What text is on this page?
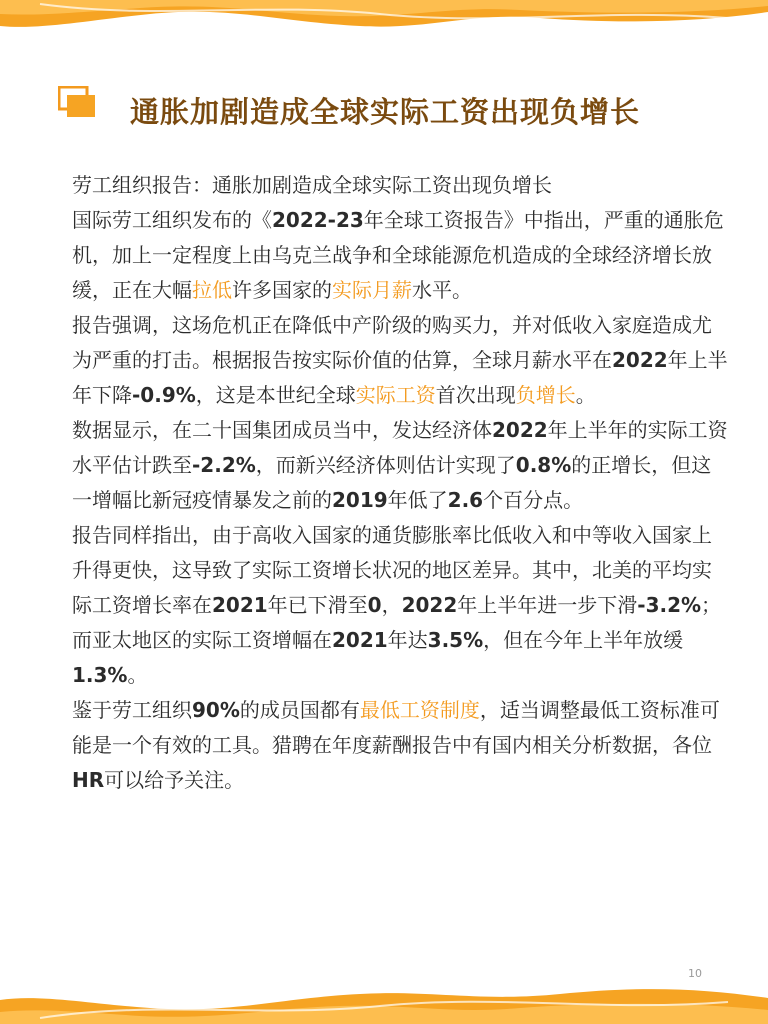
通胀加剧造成全球实际工资出现负增长

劳工组织报告：通胀加剧造成全球实际工资出现负增长

国际劳工组织发布的《2022-23年全球工资报告》中指出，严重的通胀危机，加上一定程度上由乌克兰战争和全球能源危机造成的全球经济增长放缓，正在大幅拉低许多国家的实际月薪水平。

报告强调，这场危机正在降低中产阶级的购买力，并对低收入家庭造成尤为严重的打击。根据报告按实际价值的估算，全球月薪水平在2022年上半年下降-0.9%，这是本世纪全球实际工资首次出现负增长。

数据显示，在二十国集团成员当中，发达经济体2022年上半年的实际工资水平估计跌至-2.2%，而新兴经济体则估计实现了0.8%的正增长，但这一增幅比新冠疫情暴发之前的2019年低了2.6个百分点。

报告同样指出，由于高收入国家的通货膨胀率比低收入和中等收入国家上升得更快，这导致了实际工资增长状况的地区差异。其中，北美的平均实际工资增长率在2021年已下滑至0，2022年上半年进一步下滑-3.2%；而亚太地区的实际工资增幅在2021年达3.5%，但在今年上半年放缓1.3%。

鉴于劳工组织90%的成员国都有最低工资制度，适当调整最低工资标准可能是一个有效的工具。猎聘在年度薪酬报告中有国内相关分析数据，各位HR可以给予关注。

10
